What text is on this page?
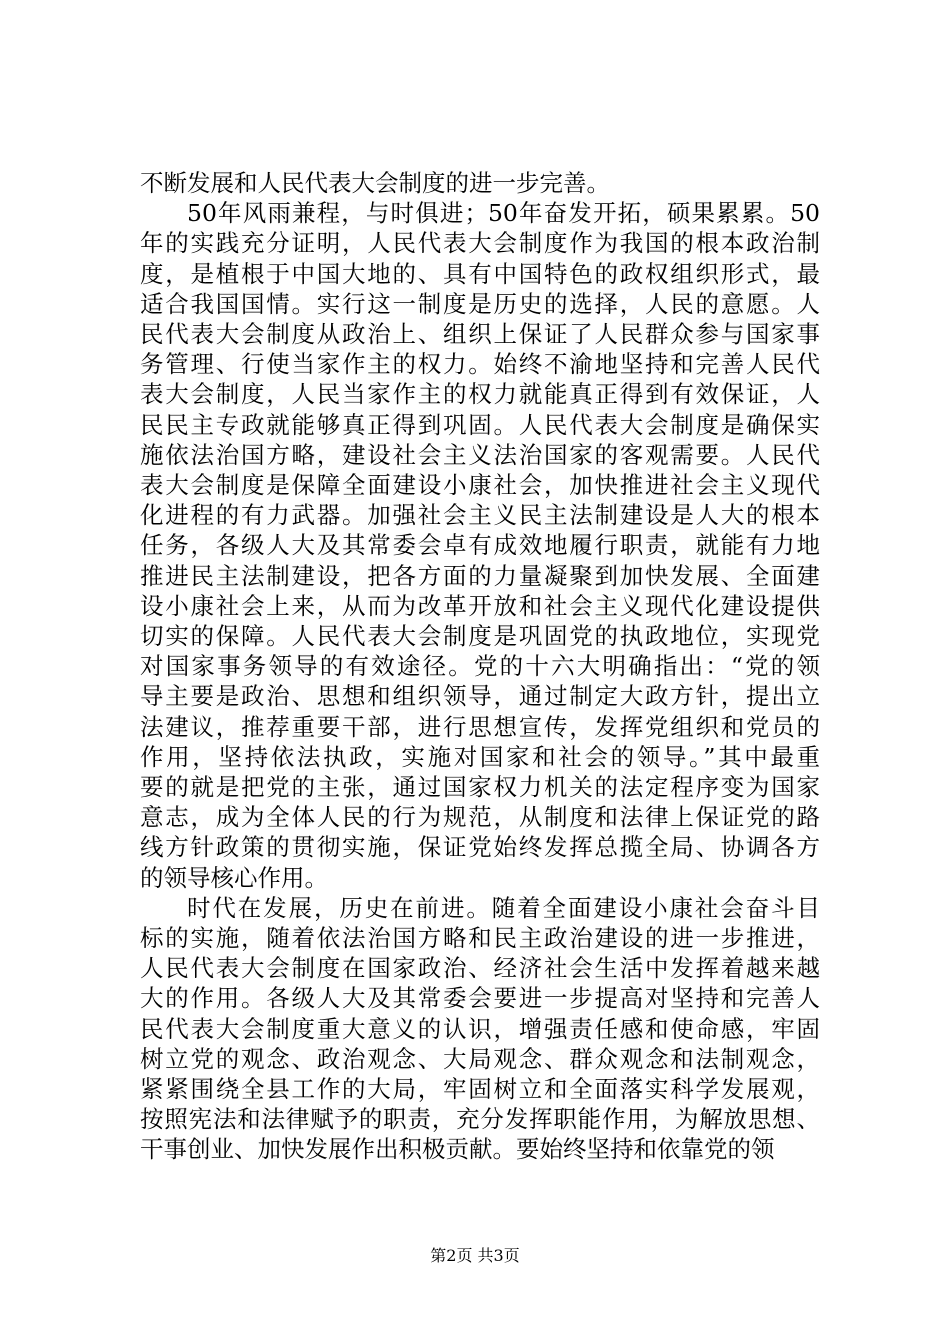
不断发展和人民代表大会制度的进一步完善。
50年风雨兼程，与时俱进；50年奋发开拓，硕果累累。50
年的实践充分证明，人民代表大会制度作为我国的根本政治制
度，是植根于中国大地的、具有中国特色的政权组织形式，最
适合我国国情。实行这一制度是历史的选择，人民的意愿。人
民代表大会制度从政治上、组织上保证了人民群众参与国家事
务管理、行使当家作主的权力。始终不渝地坚持和完善人民代
表大会制度，人民当家作主的权力就能真正得到有效保证，人
民民主专政就能够真正得到巩固。人民代表大会制度是确保实
施依法治国方略，建设社会主义法治国家的客观需要。人民代
表大会制度是保障全面建设小康社会，加快推进社会主义现代
化进程的有力武器。加强社会主义民主法制建设是人大的根本
任务，各级人大及其常委会卓有成效地履行职责，就能有力地
推进民主法制建设，把各方面的力量凝聚到加快发展、全面建
设小康社会上来，从而为改革开放和社会主义现代化建设提供
切实的保障。人民代表大会制度是巩固党的执政地位，实现党
对国家事务领导的有效途径。党的十六大明确指出：“党的领
导主要是政治、思想和组织领导，通过制定大政方针，提出立
法建议，推荐重要干部，进行思想宣传，发挥党组织和党员的
作用，坚持依法执政，实施对国家和社会的领导。”其中最重
要的就是把党的主张，通过国家权力机关的法定程序变为国家
意志，成为全体人民的行为规范，从制度和法律上保证党的路
线方针政策的贯彻实施，保证党始终发挥总揽全局、协调各方
的领导核心作用。
时代在发展，历史在前进。随着全面建设小康社会奋斗目
标的实施，随着依法治国方略和民主政治建设的进一步推进，
人民代表大会制度在国家政治、经济社会生活中发挥着越来越
大的作用。各级人大及其常委会要进一步提高对坚持和完善人
民代表大会制度重大意义的认识，增强责任感和使命感，牢固
树立党的观念、政治观念、大局观念、群众观念和法制观念，
紧紧围绕全县工作的大局，牢固树立和全面落实科学发展观，
按照宪法和法律赋予的职责，充分发挥职能作用，为解放思想、
干事创业、加快发展作出积极贡献。要始终坚持和依靠党的领
第2页 共3页
